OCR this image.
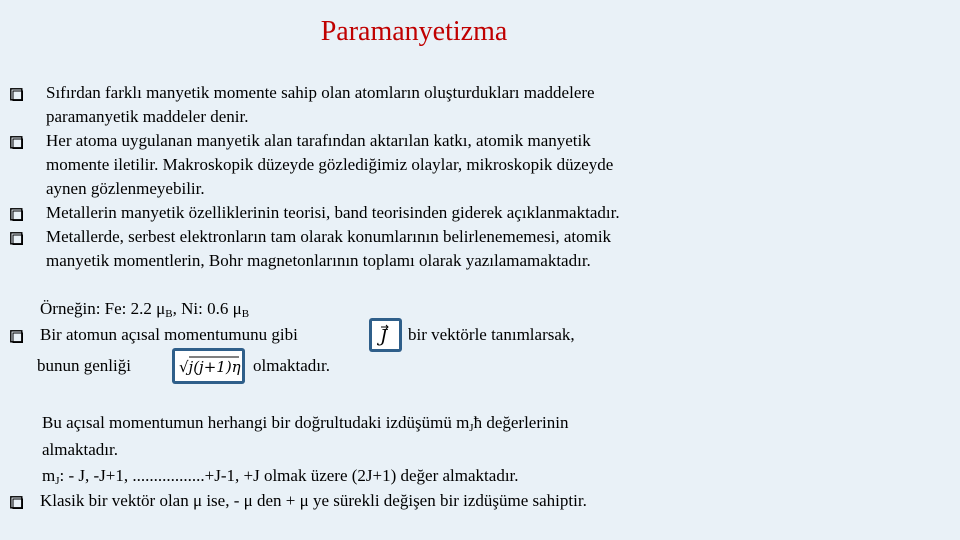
Paramanyetizma
Sıfırdan farklı manyetik momente sahip olan atomların oluşturdukları maddelere
paramanyetik maddeler denir.
Her atoma uygulanan manyetik alan tarafından aktarılan katkı, atomik manyetik
momente iletilir. Makroskopik düzeyde gözlediğimiz olaylar, mikroskopik düzeyde
aynen gözlenmeyebilir.
Metallerin manyetik özelliklerinin teorisi, band teorisinden giderek açıklanmaktadır.
Metallerde, serbest elektronların tam olarak konumlarının belirlenememesi, atomik
manyetik momentlerin, Bohr magnetonlarının toplamı olarak yazılamamaktadır.
Örneğin: Fe: 2.2 $\mu_B$, Ni: 0.6 $\mu_B$
Bir atomun açısal momentumunu gibi	J bir vektörle tanımlarsak,
bunun genliği	√j(j+1)η olmaktadır.
Bu açısal momentumun herhangi bir doğrultudaki izdüşümü $m_Jħ$ değerlerinin
almaktadır.
$m_J$: - J, -J+1, .................+J-1, +J olmak üzere (2J+1) değer almaktadır.
Klasik bir vektör olan μ ise, - μ den + μ ye sürekli değişen bir izdüşüme sahiptir.
